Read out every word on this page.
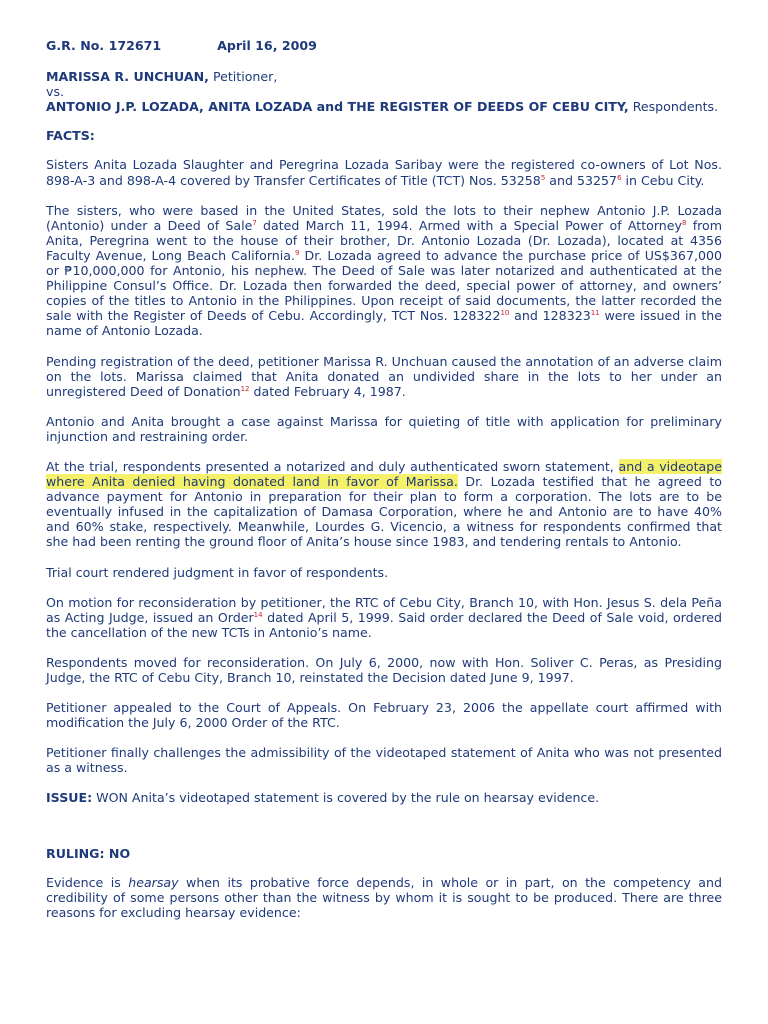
G.R. No. 172671	April 16, 2009
MARISSA R. UNCHUAN, Petitioner,
vs.
ANTONIO J.P. LOZADA, ANITA LOZADA and THE REGISTER OF DEEDS OF CEBU CITY, Respondents.
FACTS:

Sisters Anita Lozada Slaughter and Peregrina Lozada Saribay were the registered co-owners of Lot Nos. 898-A-3 and 898-A-4 covered by Transfer Certificates of Title (TCT) Nos. 53258$^5$ and 53257$^6$ in Cebu City.

The sisters, who were based in the United States, sold the lots to their nephew Antonio J.P. Lozada (Antonio) under a Deed of Sale$^7$ dated March 11, 1994. Armed with a Special Power of Attorney$^8$ from Anita, Peregrina went to the house of their brother, Dr. Antonio Lozada (Dr. Lozada), located at 4356 Faculty Avenue, Long Beach California.$^9$ Dr. Lozada agreed to advance the purchase price of US$367,000 or ₱10,000,000 for Antonio, his nephew. The Deed of Sale was later notarized and authenticated at the Philippine Consul’s Office. Dr. Lozada then forwarded the deed, special power of attorney, and owners’ copies of the titles to Antonio in the Philippines. Upon receipt of said documents, the latter recorded the sale with the Register of Deeds of Cebu. Accordingly, TCT Nos. 128322$^{10}$ and 128323$^{11}$ were issued in the name of Antonio Lozada.

Pending registration of the deed, petitioner Marissa R. Unchuan caused the annotation of an adverse claim on the lots. Marissa claimed that Anita donated an undivided share in the lots to her under an unregistered Deed of Donation$^{12}$ dated February 4, 1987.

Antonio and Anita brought a case against Marissa for quieting of title with application for preliminary injunction and restraining order.

At the trial, respondents presented a notarized and duly authenticated sworn statement, and a videotape where Anita denied having donated land in favor of Marissa. Dr. Lozada testified that he agreed to advance payment for Antonio in preparation for their plan to form a corporation. The lots are to be eventually infused in the capitalization of Damasa Corporation, where he and Antonio are to have 40% and 60% stake, respectively. Meanwhile, Lourdes G. Vicencio, a witness for respondents confirmed that she had been renting the ground floor of Anita’s house since 1983, and tendering rentals to Antonio.

Trial court rendered judgment in favor of respondents.

On motion for reconsideration by petitioner, the RTC of Cebu City, Branch 10, with Hon. Jesus S. dela Peña as Acting Judge, issued an Order$^{14}$ dated April 5, 1999. Said order declared the Deed of Sale void, ordered the cancellation of the new TCTs in Antonio’s name.

Respondents moved for reconsideration. On July 6, 2000, now with Hon. Soliver C. Peras, as Presiding Judge, the RTC of Cebu City, Branch 10, reinstated the Decision dated June 9, 1997.

Petitioner appealed to the Court of Appeals. On February 23, 2006 the appellate court affirmed with modification the July 6, 2000 Order of the RTC.

Petitioner finally challenges the admissibility of the videotaped statement of Anita who was not presented as a witness.

ISSUE: WON Anita’s videotaped statement is covered by the rule on hearsay evidence.

RULING: NO

Evidence is hearsay when its probative force depends, in whole or in part, on the competency and credibility of some persons other than the witness by whom it is sought to be produced. There are three reasons for excluding hearsay evidence:
